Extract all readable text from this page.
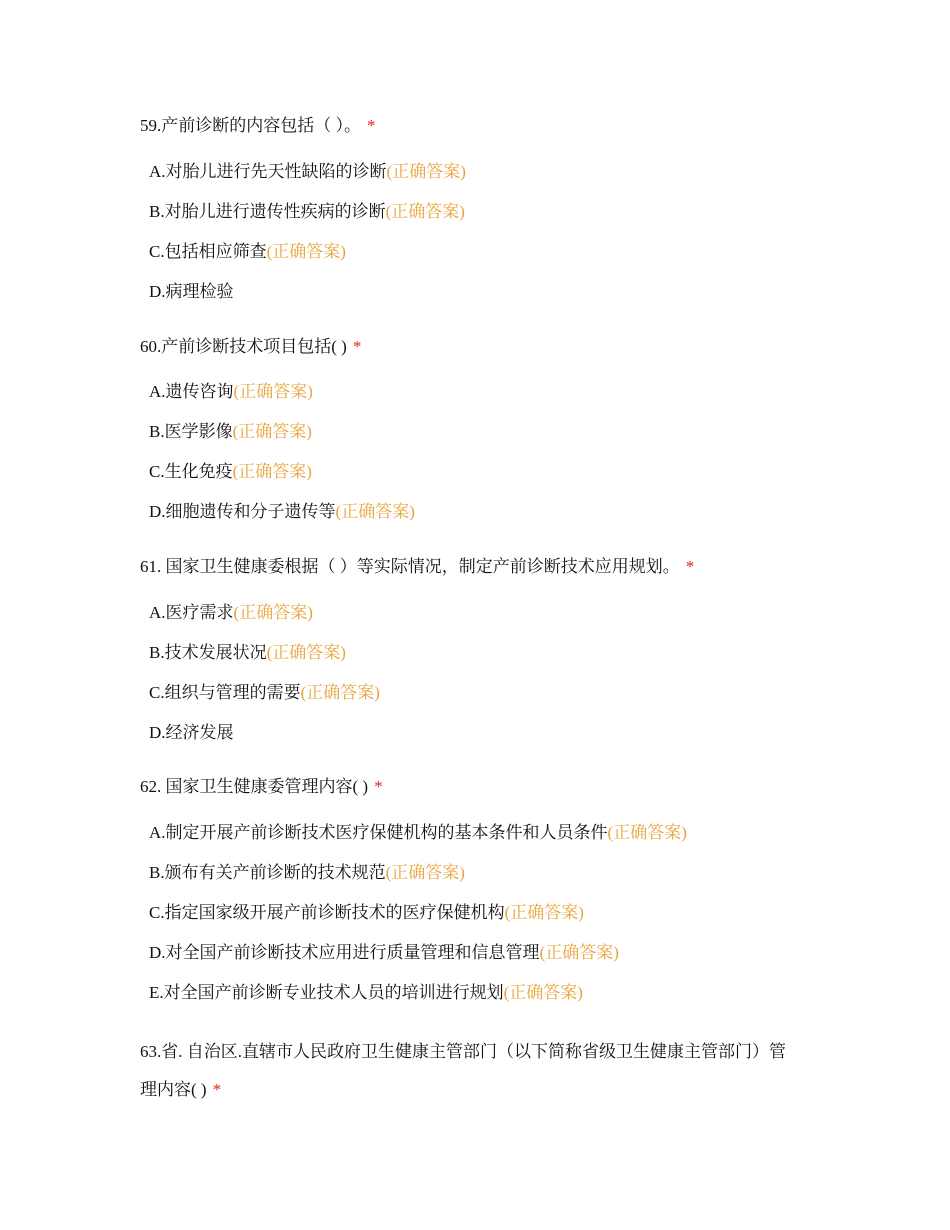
59.产前诊断的内容包括（ ）。 *
A.对胎儿进行先天性缺陷的诊断(正确答案)
B.对胎儿进行遗传性疾病的诊断(正确答案)
C.包括相应筛查(正确答案)
D.病理检验
60.产前诊断技术项目包括( ) *
A.遗传咨询(正确答案)
B.医学影像(正确答案)
C.生化免疫(正确答案)
D.细胞遗传和分子遗传等(正确答案)
61. 国家卫生健康委根据（ ）等实际情况，制定产前诊断技术应用规划。 *
A.医疗需求(正确答案)
B.技术发展状况(正确答案)
C.组织与管理的需要(正确答案)
D.经济发展
62. 国家卫生健康委管理内容( ) *
A.制定开展产前诊断技术医疗保健机构的基本条件和人员条件(正确答案)
B.颁布有关产前诊断的技术规范(正确答案)
C.指定国家级开展产前诊断技术的医疗保健机构(正确答案)
D.对全国产前诊断技术应用进行质量管理和信息管理(正确答案)
E.对全国产前诊断专业技术人员的培训进行规划(正确答案)
63.省. 自治区.直辖市人民政府卫生健康主管部门（以下简称省级卫生健康主管部门）管理内容( ) *
